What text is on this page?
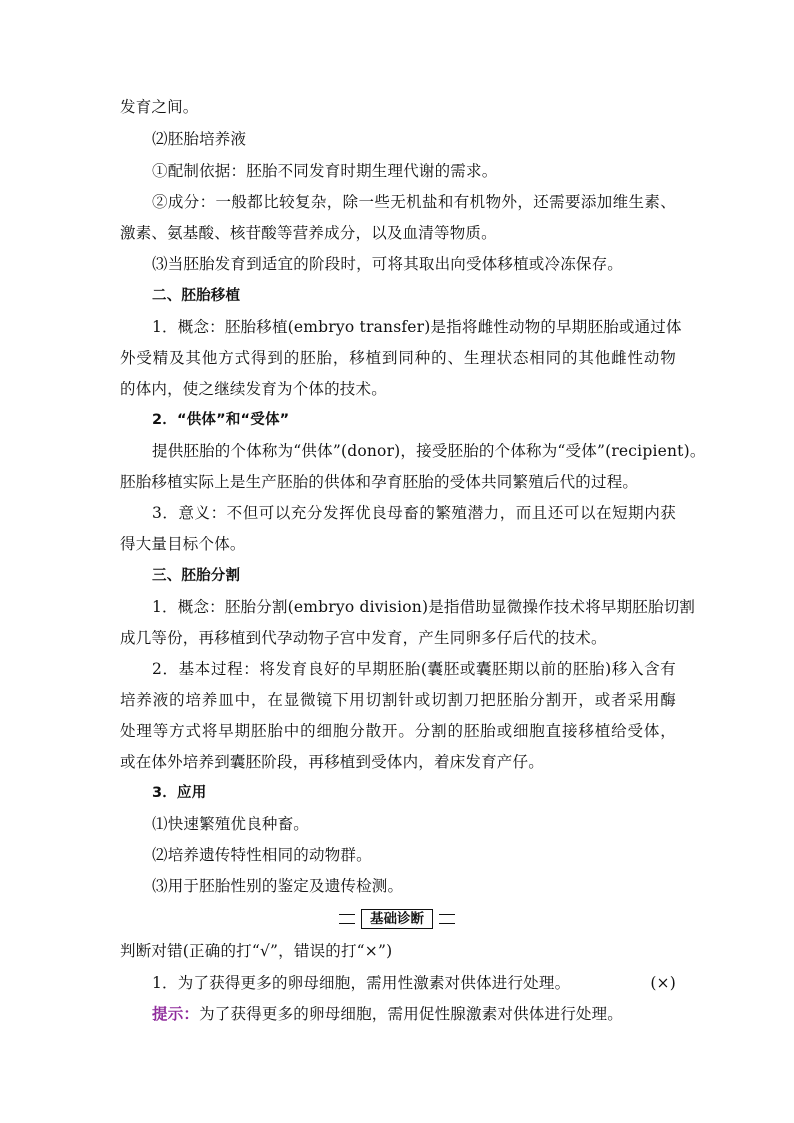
发育之间。
⑵胚胎培养液
①配制依据：胚胎不同发育时期生理代谢的需求。
②成分：一般都比较复杂，除一些无机盐和有机物外，还需要添加维生素、
激素、氨基酸、核苷酸等营养成分，以及血清等物质。
⑶当胚胎发育到适宜的阶段时，可将其取出向受体移植或冷冻保存。
二、胚胎移植
1．概念：胚胎移植(embryo transfer)是指将雌性动物的早期胚胎或通过体
外受精及其他方式得到的胚胎，移植到同种的、生理状态相同的其他雌性动物
的体内，使之继续发育为个体的技术。
2．“供体”和“受体”
提供胚胎的个体称为“供体”(donor)，接受胚胎的个体称为“受体”(recipient)。
胚胎移植实际上是生产胚胎的供体和孕育胚胎的受体共同繁殖后代的过程。
3．意义：不但可以充分发挥优良母畜的繁殖潜力，而且还可以在短期内获
得大量目标个体。
三、胚胎分割
1．概念：胚胎分割(embryo division)是指借助显微操作技术将早期胚胎切割
成几等份，再移植到代孕动物子宫中发育，产生同卵多仔后代的技术。
2．基本过程：将发育良好的早期胚胎(囊胚或囊胚期以前的胚胎)移入含有
培养液的培养皿中，在显微镜下用切割针或切割刀把胚胎分割开，或者采用酶
处理等方式将早期胚胎中的细胞分散开。分割的胚胎或细胞直接移植给受体，
或在体外培养到囊胚阶段，再移植到受体内，着床发育产仔。
3．应用
⑴快速繁殖优良种畜。
⑵培养遗传特性相同的动物群。
⑶用于胚胎性别的鉴定及遗传检测。
基础诊断
判断对错(正确的打“√”，错误的打“×”)
1．为了获得更多的卵母细胞，需用性激素对供体进行处理。	(×)
提示：为了获得更多的卵母细胞，需用促性腺激素对供体进行处理。
